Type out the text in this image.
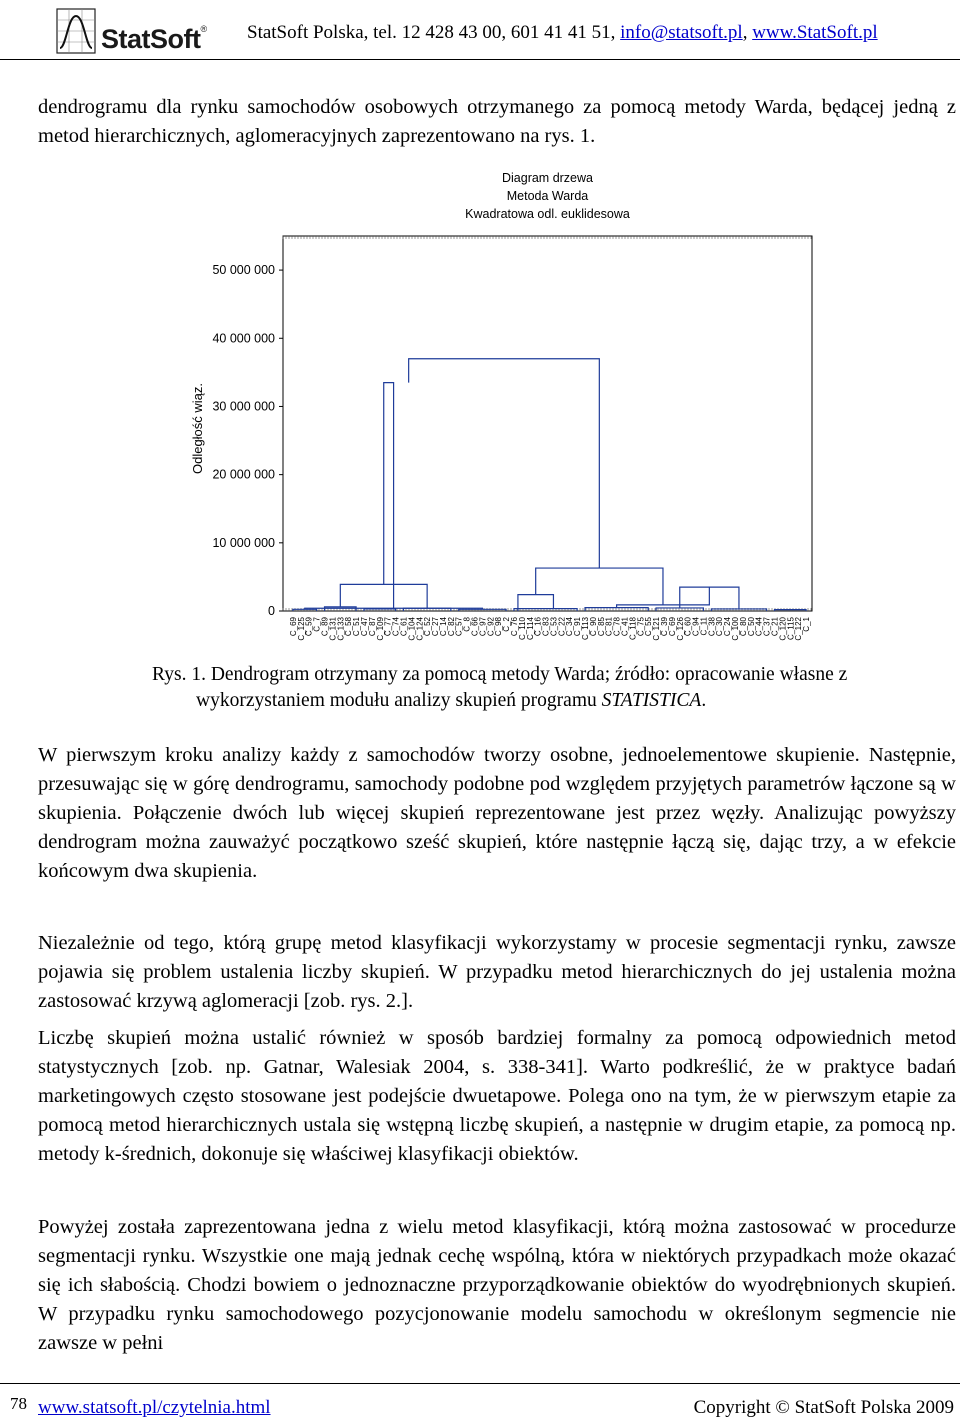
StatSoft® StatSoft Polska, tel. 12 428 43 00, 601 41 41 51, info@statsoft.pl, www.StatSoft.pl

dendrogramu dla rynku samochodów osobowych otrzymanego za pomocą metody Warda, będącej jedną z metod hierarchicznych, aglomeracyjnych zaprezentowano na rys. 1.

Diagram drzewa
Metoda Warda
Kwadratowa odl. euklidesowa
Odległość wiąz.
0
10 000 000
20 000 000
30 000 000
40 000 000
50 000 000
C_69
C_125
C_59
C_7
C_89
C_131
C_133
C_58
C_51
C_47
C_87
C_109
C_77
C_74
C_61
C_104
C_124
C_52
C_27
C_14
C_82
C_57
C_8
C_66
C_97
C_92
C_98
C_2
C_76
C_110
C_114
C_16
C_83
C_53
C_22
C_34
C_91
C_113
C_90
C_85
C_81
C_78
C_41
C_118
C_75
C_55
C_121
C_39
C_69
C_126
C_60
C_94
C_11
C_38
C_30
C_24
C_100
C_80
C_50
C_44
C_37
C_21
C_120
C_115
C_122
C_1

Rys. 1. Dendrogram otrzymany za pomocą metody Warda; źródło: opracowanie własne z wykorzystaniem modułu analizy skupień programu STATISTICA.

W pierwszym kroku analizy każdy z samochodów tworzy osobne, jednoelementowe skupienie. Następnie, przesuwając się w górę dendrogramu, samochody podobne pod względem przyjętych parametrów łączone są w skupienia. Połączenie dwóch lub więcej skupień reprezentowane jest przez węzły. Analizując powyższy dendrogram można zauważyć początkowo sześć skupień, które następnie łączą się, dając trzy, a w efekcie końcowym dwa skupienia.

Niezależnie od tego, którą grupę metod klasyfikacji wykorzystamy w procesie segmentacji rynku, zawsze pojawia się problem ustalenia liczby skupień. W przypadku metod hierarchicznych do jej ustalenia można zastosować krzywą aglomeracji [zob. rys. 2.].

Liczbę skupień można ustalić również w sposób bardziej formalny za pomocą odpowiednich metod statystycznych [zob. np. Gatnar, Walesiak 2004, s. 338-341]. Warto podkreślić, że w praktyce badań marketingowych często stosowane jest podejście dwuetapowe. Polega ono na tym, że w pierwszym etapie za pomocą metod hierarchicznych ustala się wstępną liczbę skupień, a następnie w drugim etapie, za pomocą np. metody k-średnich, dokonuje się właściwej klasyfikacji obiektów.

Powyżej została zaprezentowana jedna z wielu metod klasyfikacji, którą można zastosować w procedurze segmentacji rynku. Wszystkie one mają jednak cechę wspólną, która w niektórych przypadkach może okazać się ich słabością. Chodzi bowiem o jednoznaczne przyporządkowanie obiektów do wyodrębnionych skupień. W przypadku rynku samochodowego pozycjonowanie modelu samochodu w określonym segmencie nie zawsze w pełni

78 www.statsoft.pl/czytelnia.html	Copyright © StatSoft Polska 2009
